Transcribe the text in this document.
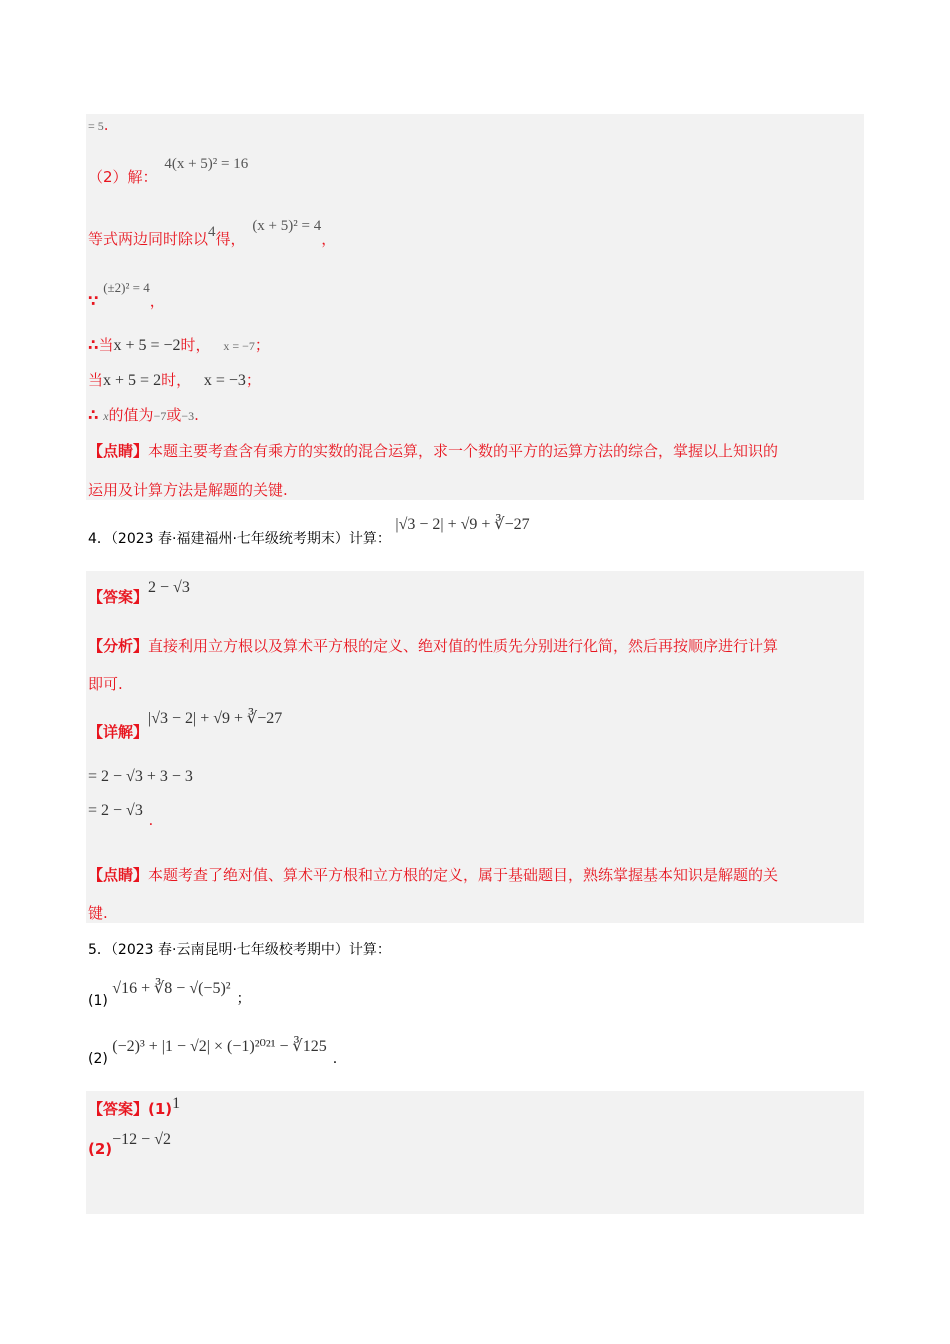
= 5.
（2）解： 4(x + 5)² = 16
等式两边同时除以4得， (x + 5)² = 4，
∵ (±2)² = 4，
∴当x + 5 = −2时， x = −7；
当x + 5 = 2时， x = −3；
∴ x的值为−7或−3.
【点睛】本题主要考查含有乘方的实数的混合运算，求一个数的平方的运算方法的综合，掌握以上知识的
运用及计算方法是解题的关键.
4．（2023 春·福建福州·七年级统考期末）计算： |√3 − 2| + √9 + ∛−27
【答案】2 − √3
【分析】直接利用立方根以及算术平方根的定义、绝对值的性质先分别进行化简，然后再按顺序进行计算
即可.
【详解】|√3 − 2| + √9 + ∛−27
= 2 − √3 + 3 − 3
= 2 − √3.
【点睛】本题考查了绝对值、算术平方根和立方根的定义，属于基础题目，熟练掌握基本知识是解题的关
键.
5．（2023 春·云南昆明·七年级校考期中）计算：
(1) √16 + ∛8 − √(−5)²；
(2) (−2)³ + |1 − √2| × (−1)²⁰²¹ − ∛125.
【答案】(1)1
(2)−12 − √2
